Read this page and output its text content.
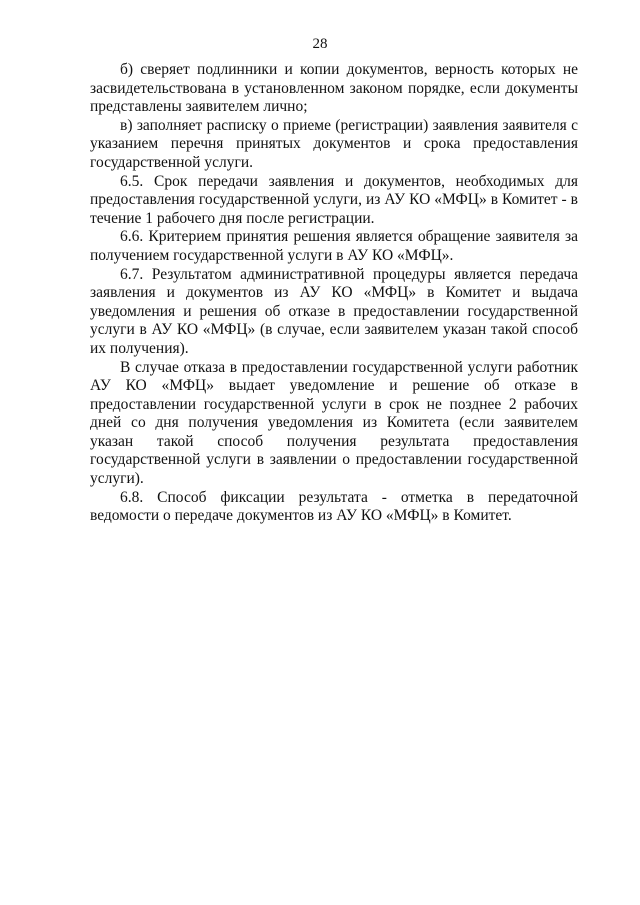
28

б) сверяет подлинники и копии документов, верность которых не засвидетельствована в установленном законом порядке, если документы представлены заявителем лично;

в) заполняет расписку о приеме (регистрации) заявления заявителя с указанием перечня принятых документов и срока предоставления государственной услуги.

6.5. Срок передачи заявления и документов, необходимых для предоставления государственной услуги, из АУ КО «МФЦ» в Комитет - в течение 1 рабочего дня после регистрации.

6.6. Критерием принятия решения является обращение заявителя за получением государственной услуги в АУ КО «МФЦ».

6.7. Результатом административной процедуры является передача заявления и документов из АУ КО «МФЦ» в Комитет и выдача уведомления и решения об отказе в предоставлении государственной услуги в АУ КО «МФЦ» (в случае, если заявителем указан такой способ их получения).

В случае отказа в предоставлении государственной услуги работник АУ КО «МФЦ» выдает уведомление и решение об отказе в предоставлении государственной услуги в срок не позднее 2 рабочих дней со дня получения уведомления из Комитета (если заявителем указан такой способ получения результата предоставления государственной услуги в заявлении о предоставлении государственной услуги).

6.8. Способ фиксации результата - отметка в передаточной ведомости о передаче документов из АУ КО «МФЦ» в Комитет.
